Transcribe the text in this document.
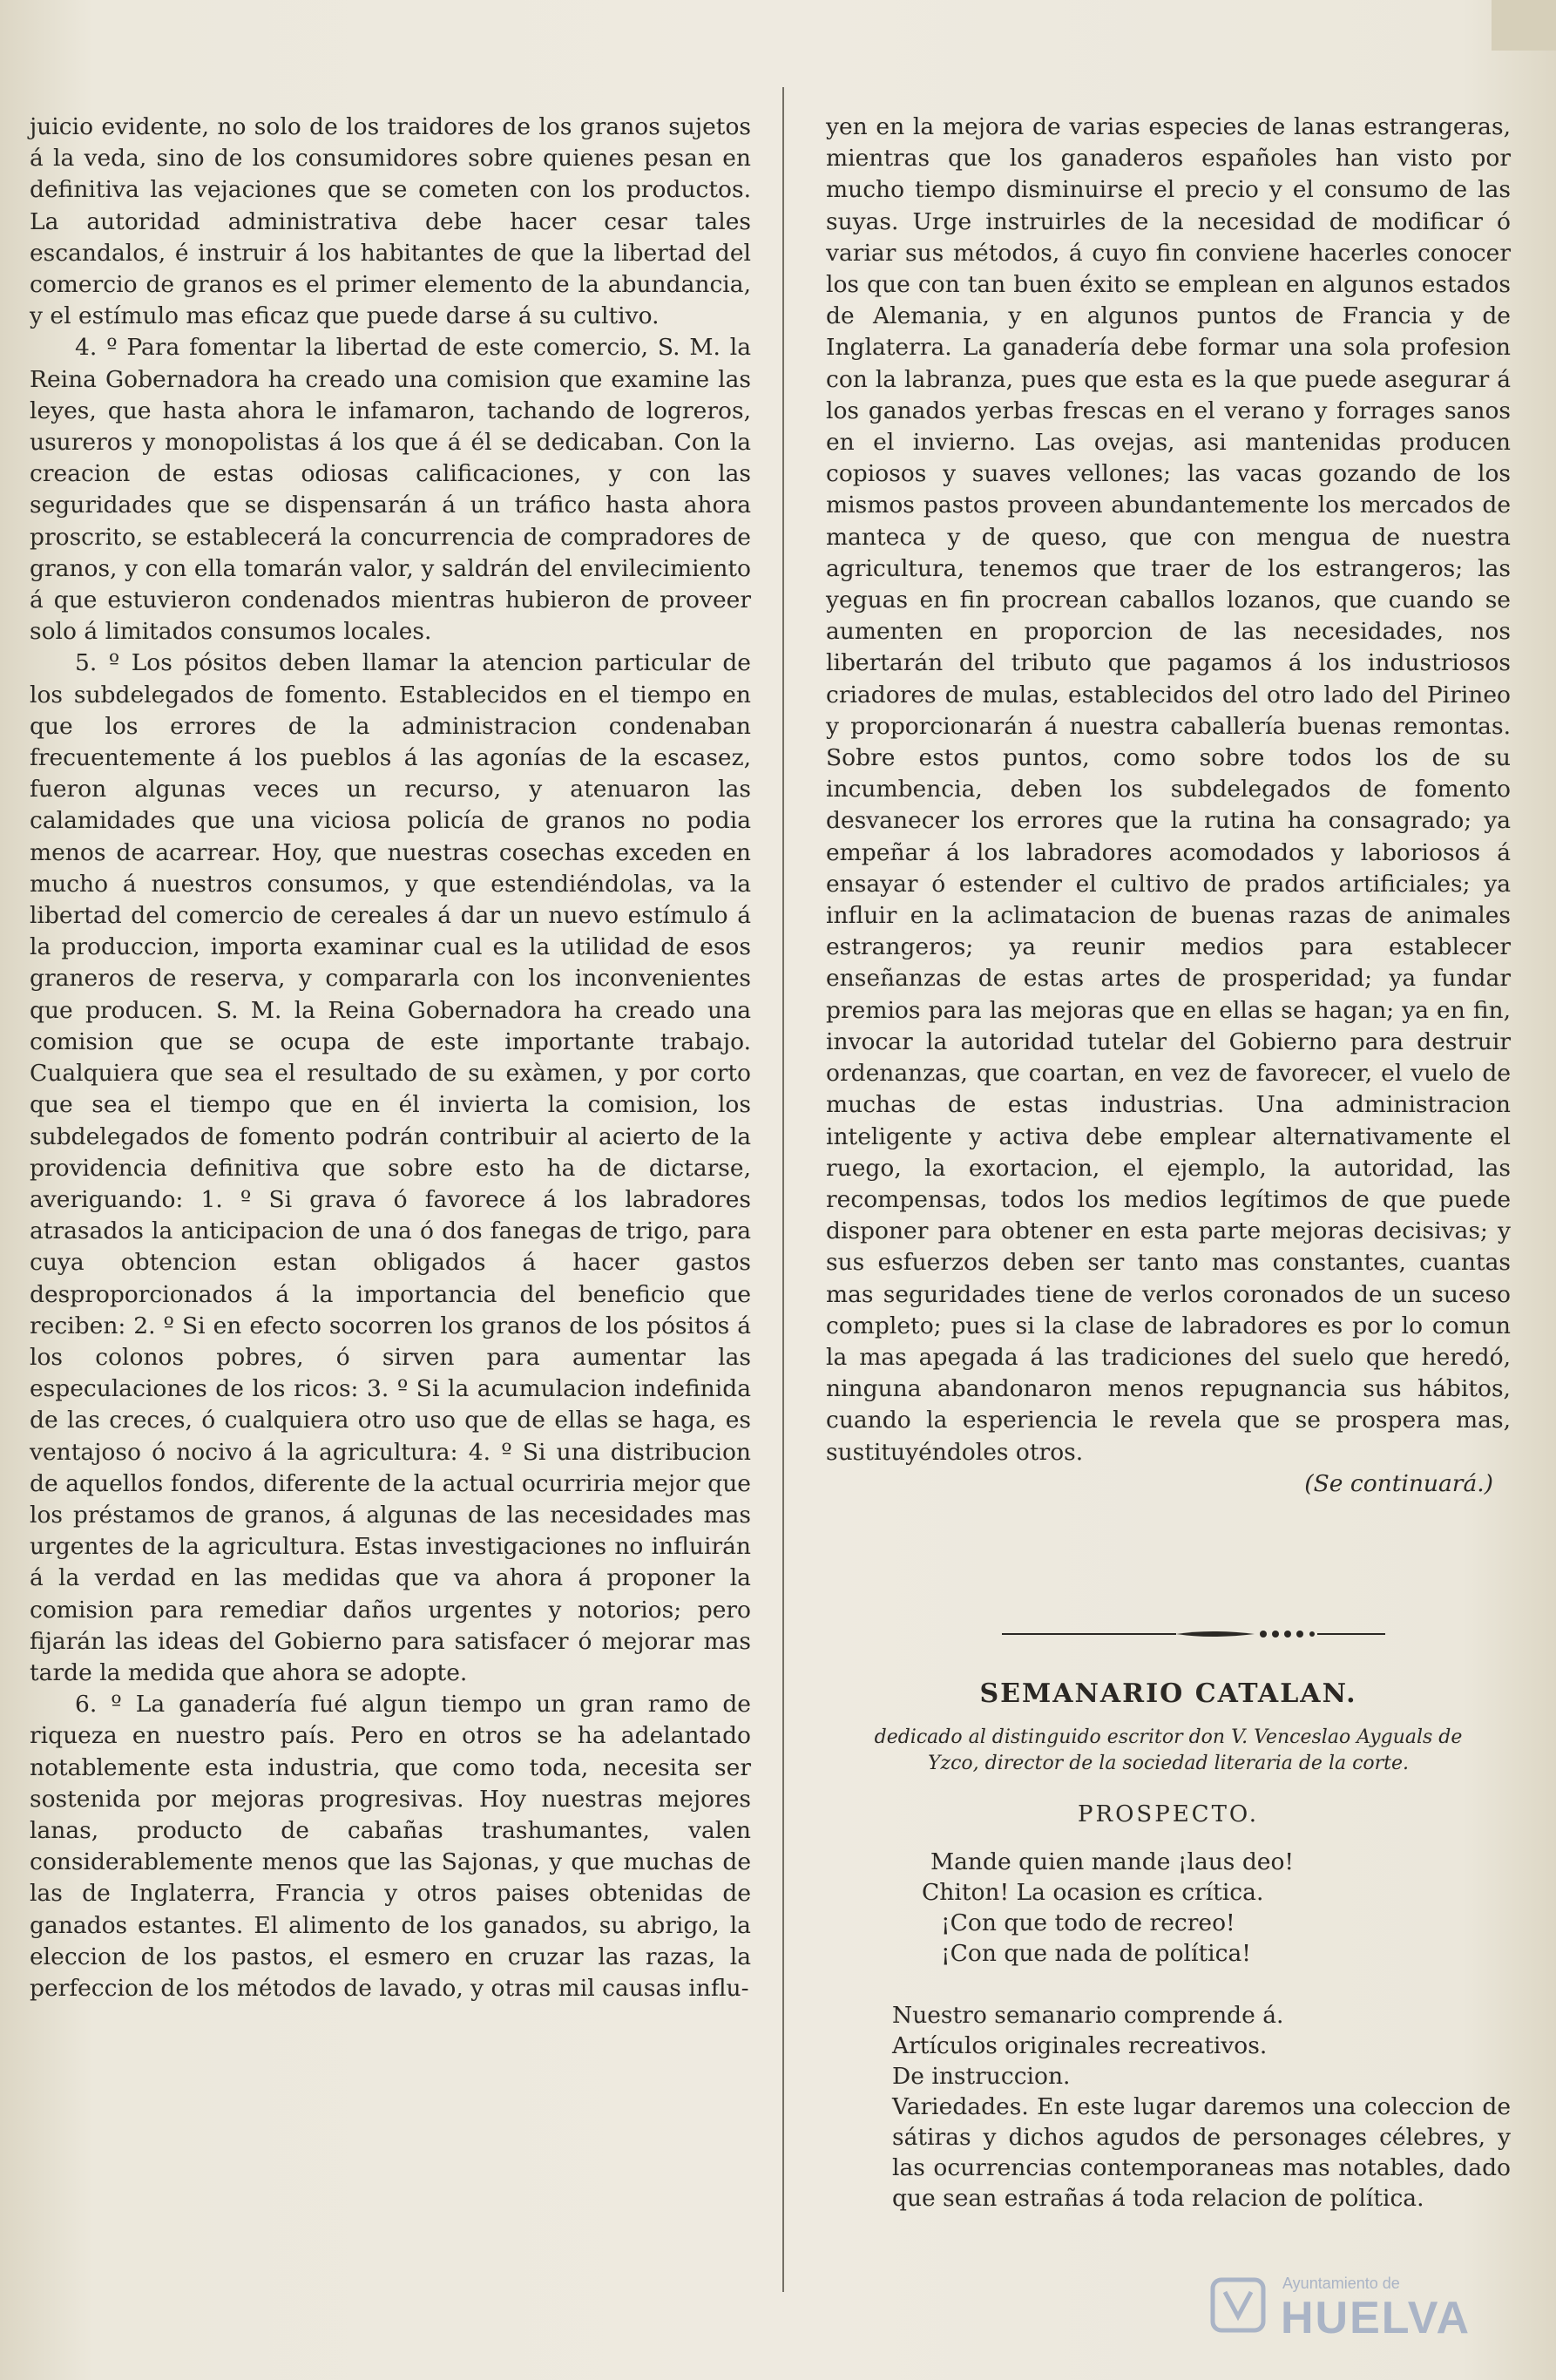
juicio evidente, no solo de los traidores de los granos sujetos á la veda, sino de los consumidores sobre quienes pesan en definitiva las vejaciones que se cometen con los productos. La autoridad administrativa debe hacer cesar tales escandalos, é instruir á los habitantes de que la libertad del comercio de granos es el primer elemento de la abundancia, y el estímulo mas eficaz que puede darse á su cultivo.

4. º Para fomentar la libertad de este comercio, S. M. la Reina Gobernadora ha creado una comision que examine las leyes, que hasta ahora le infamaron, tachando de logreros, usureros y monopolistas á los que á él se dedicaban. Con la creacion de estas odiosas calificaciones, y con las seguridades que se dispensarán á un tráfico hasta ahora proscrito, se establecerá la concurrencia de compradores de granos, y con ella tomarán valor, y saldrán del envilecimiento á que estuvieron condenados mientras hubieron de proveer solo á limitados consumos locales.

5. º Los pósitos deben llamar la atencion particular de los subdelegados de fomento. Establecidos en el tiempo en que los errores de la administracion condenaban frecuentemente á los pueblos á las agonías de la escasez, fueron algunas veces un recurso, y atenuaron las calamidades que una viciosa policía de granos no podia menos de acarrear. Hoy, que nuestras cosechas exceden en mucho á nuestros consumos, y que estendiéndolas, va la libertad del comercio de cereales á dar un nuevo estímulo á la produccion, importa examinar cual es la utilidad de esos graneros de reserva, y compararla con los inconvenientes que producen. S. M. la Reina Gobernadora ha creado una comision que se ocupa de este importante trabajo. Cualquiera que sea el resultado de su exàmen, y por corto que sea el tiempo que en él invierta la comision, los subdelegados de fomento podrán contribuir al acierto de la providencia definitiva que sobre esto ha de dictarse, averiguando: 1. º Si grava ó favorece á los labradores atrasados la anticipacion de una ó dos fanegas de trigo, para cuya obtencion estan obligados á hacer gastos desproporcionados á la importancia del beneficio que reciben: 2. º Si en efecto socorren los granos de los pósitos á los colonos pobres, ó sirven para aumentar las especulaciones de los ricos: 3. º Si la acumulacion indefinida de las creces, ó cualquiera otro uso que de ellas se haga, es ventajoso ó nocivo á la agricultura: 4. º Si una distribucion de aquellos fondos, diferente de la actual ocurriria mejor que los préstamos de granos, á algunas de las necesidades mas urgentes de la agricultura. Estas investigaciones no influirán á la verdad en las medidas que va ahora á proponer la comision para remediar daños urgentes y notorios; pero fijarán las ideas del Gobierno para satisfacer ó mejorar mas tarde la medida que ahora se adopte.

6. º La ganadería fué algun tiempo un gran ramo de riqueza en nuestro país. Pero en otros se ha adelantado notablemente esta industria, que como toda, necesita ser sostenida por mejoras progresivas. Hoy nuestras mejores lanas, producto de cabañas trashumantes, valen considerablemente menos que las Sajonas, y que muchas de las de Inglaterra, Francia y otros paises obtenidas de ganados estantes. El alimento de los ganados, su abrigo, la eleccion de los pastos, el esmero en cruzar las razas, la perfeccion de los métodos de lavado, y otras mil causas influ-

yen en la mejora de varias especies de lanas estrangeras, mientras que los ganaderos españoles han visto por mucho tiempo disminuirse el precio y el consumo de las suyas. Urge instruirles de la necesidad de modificar ó variar sus métodos, á cuyo fin conviene hacerles conocer los que con tan buen éxito se emplean en algunos estados de Alemania, y en algunos puntos de Francia y de Inglaterra. La ganadería debe formar una sola profesion con la labranza, pues que esta es la que puede asegurar á los ganados yerbas frescas en el verano y forrages sanos en el invierno. Las ovejas, asi mantenidas producen copiosos y suaves vellones; las vacas gozando de los mismos pastos proveen abundantemente los mercados de manteca y de queso, que con mengua de nuestra agricultura, tenemos que traer de los estrangeros; las yeguas en fin procrean caballos lozanos, que cuando se aumenten en proporcion de las necesidades, nos libertarán del tributo que pagamos á los industriosos criadores de mulas, establecidos del otro lado del Pirineo y proporcionarán á nuestra caballería buenas remontas. Sobre estos puntos, como sobre todos los de su incumbencia, deben los subdelegados de fomento desvanecer los errores que la rutina ha consagrado; ya empeñar á los labradores acomodados y laboriosos á ensayar ó estender el cultivo de prados artificiales; ya influir en la aclimatacion de buenas razas de animales estrangeros; ya reunir medios para establecer enseñanzas de estas artes de prosperidad; ya fundar premios para las mejoras que en ellas se hagan; ya en fin, invocar la autoridad tutelar del Gobierno para destruir ordenanzas, que coartan, en vez de favorecer, el vuelo de muchas de estas industrias. Una administracion inteligente y activa debe emplear alternativamente el ruego, la exortacion, el ejemplo, la autoridad, las recompensas, todos los medios legítimos de que puede disponer para obtener en esta parte mejoras decisivas; y sus esfuerzos deben ser tanto mas constantes, cuantas mas seguridades tiene de verlos coronados de un suceso completo; pues si la clase de labradores es por lo comun la mas apegada á las tradiciones del suelo que heredó, ninguna abandonaron menos repugnancia sus hábitos, cuando la esperiencia le revela que se prospera mas, sustituyéndoles otros.

(Se continuará.)

SEMANARIO CATALAN.
dedicado al distinguido escritor don V. Venceslao Ayguals de Yzco, director de la sociedad literaria de la corte.
PROSPECTO.

Mande quien mande ¡laus deo!

Chiton! La ocasion es crítica.

¡Con que todo de recreo!

¡Con que nada de política!

Nuestro semanario comprende á.

Artículos originales recreativos.

De instruccion.

Variedades. En este lugar daremos una coleccion de sátiras y dichos agudos de personages célebres, y las ocurrencias contemporaneas mas notables, dado que sean estrañas á toda relacion de política.

Ayuntamiento de
HUELVA
